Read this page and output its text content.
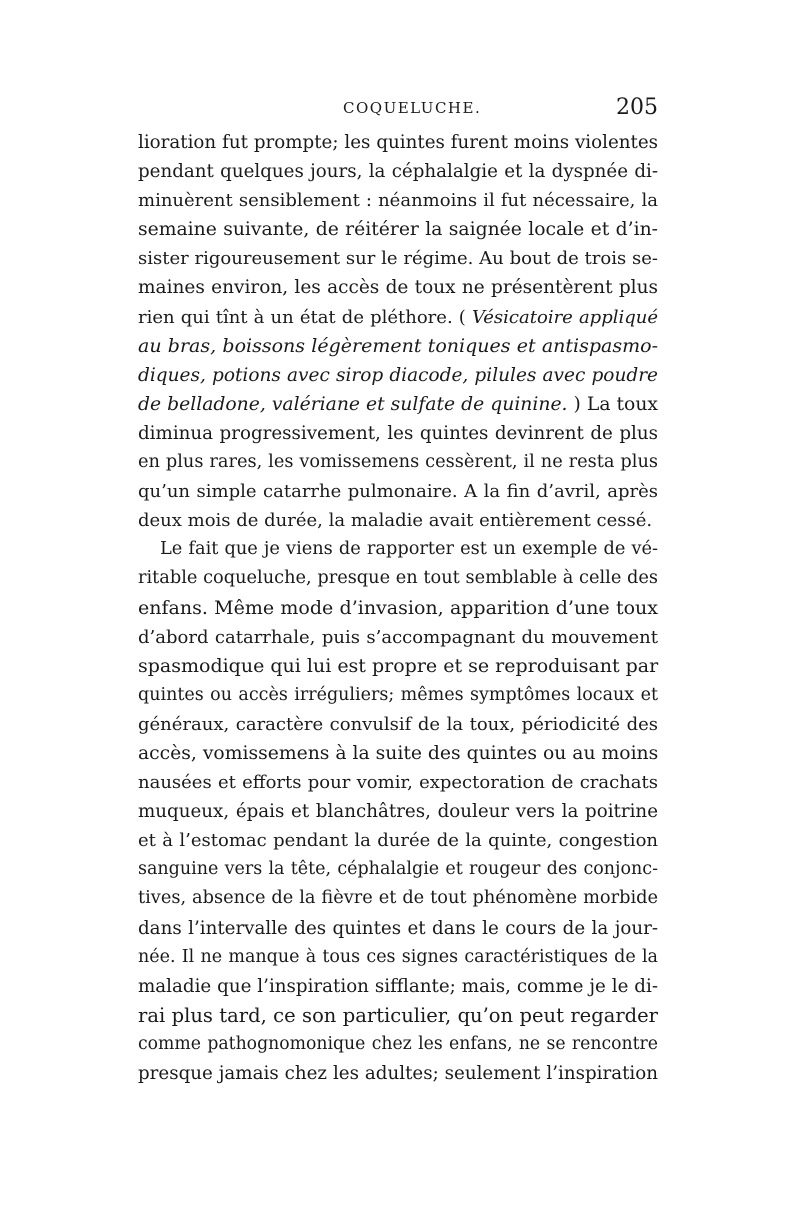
COQUELUCHE.	205
lioration fut prompte; les quintes furent moins violentes
pendant quelques jours, la céphalalgie et la dyspnée di-
minuèrent sensiblement : néanmoins il fut nécessaire, la
semaine suivante, de réitérer la saignée locale et d’in-
sister rigoureusement sur le régime. Au bout de trois se-
maines environ, les accès de toux ne présentèrent plus
rien qui tînt à un état de pléthore. ( Vésicatoire appliqué
au bras, boissons légèrement toniques et antispasmo-
diques, potions avec sirop diacode, pilules avec poudre
de belladone, valériane et sulfate de quinine. ) La toux
diminua progressivement, les quintes devinrent de plus
en plus rares, les vomissemens cessèrent, il ne resta plus
qu’un simple catarrhe pulmonaire. A la fin d’avril, après
deux mois de durée, la maladie avait entièrement cessé.
Le fait que je viens de rapporter est un exemple de vé-
ritable coqueluche, presque en tout semblable à celle des
enfans. Même mode d’invasion, apparition d’une toux
d’abord catarrhale, puis s’accompagnant du mouvement
spasmodique qui lui est propre et se reproduisant par
quintes ou accès irréguliers; mêmes symptômes locaux et
généraux, caractère convulsif de la toux, périodicité des
accès, vomissemens à la suite des quintes ou au moins
nausées et efforts pour vomir, expectoration de crachats
muqueux, épais et blanchâtres, douleur vers la poitrine
et à l’estomac pendant la durée de la quinte, congestion
sanguine vers la tête, céphalalgie et rougeur des conjonc-
tives, absence de la fièvre et de tout phénomène morbide
dans l’intervalle des quintes et dans le cours de la jour-
née. Il ne manque à tous ces signes caractéristiques de la
maladie que l’inspiration sifflante; mais, comme je le di-
rai plus tard, ce son particulier, qu’on peut regarder
comme pathognomonique chez les enfans, ne se rencontre
presque jamais chez les adultes; seulement l’inspiration
